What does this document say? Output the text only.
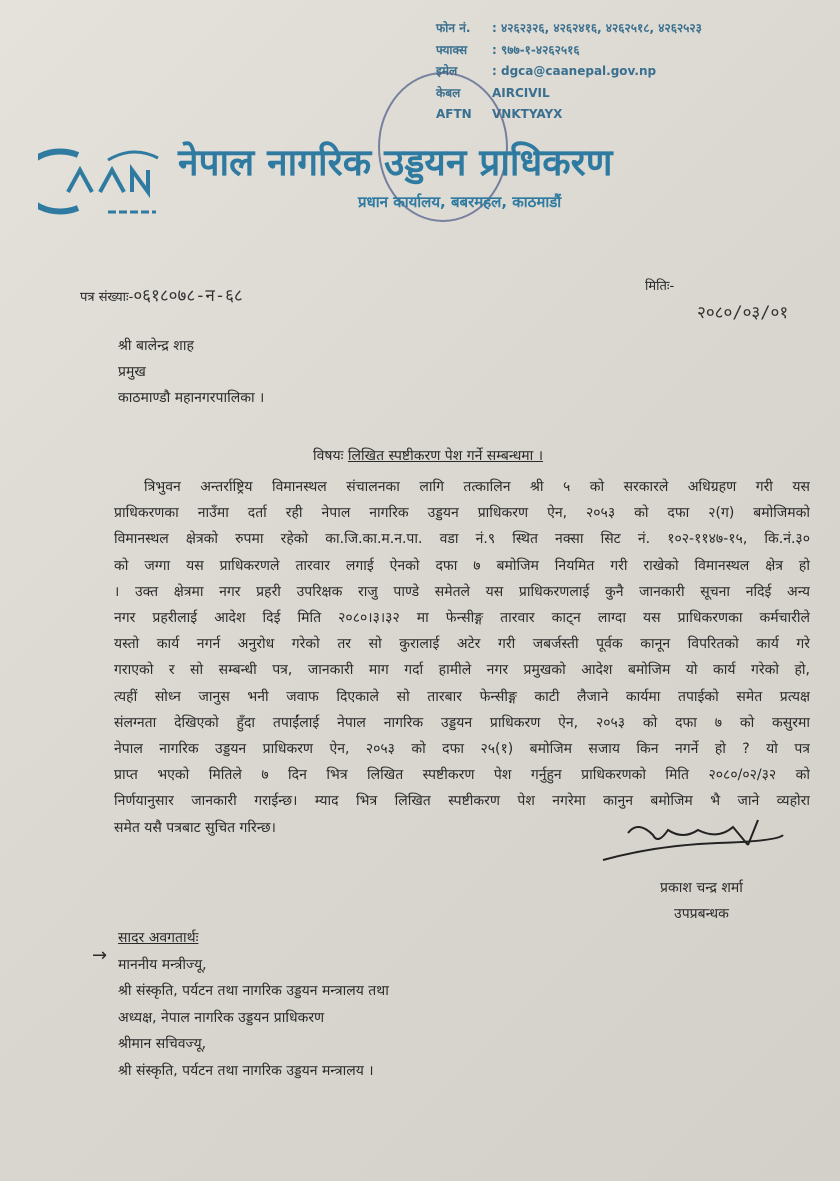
फोन नं. : ४२६२३२६, ४२६२४१६, ४२६२५१८, ४२६२५२३
फ्याक्स : ९७७-१-४२६२५१६
इमेल	: dgca@caanepal.gov.np
केबल	AIRCIVIL
AFTN VNKTYAYX
नेपाल नागरिक उड्डयन प्राधिकरण
प्रधान कार्यालय, बबरमहल, काठमाडौं
पत्र संख्याः-०६१८०७८-न-६८	मितिः-
२०८०/०३/०१
श्री बालेन्द्र शाह
प्रमुख
काठमाण्डौ महानगरपालिका ।
विषयः लिखित स्पष्टीकरण पेश गर्ने सम्बन्धमा ।
त्रिभुवन अन्तर्राष्ट्रिय विमानस्थल संचालनका लागि तत्कालिन श्री ५ को सरकारले अधिग्रहण गरी यस
प्राधिकरणका नाउँमा दर्ता रही नेपाल नागरिक उड्डयन प्राधिकरण ऐन, २०५३ को दफा २(ग) बमोजिमको
विमानस्थल क्षेत्रको रुपमा रहेको का.जि.का.म.न.पा. वडा नं.९ स्थित नक्सा सिट नं. १०२-११४७-१५, कि.नं.३०
को जग्गा यस प्राधिकरणले तारवार लगाई ऐनको दफा ७ बमोजिम नियमित गरी राखेको विमानस्थल क्षेत्र हो
। उक्त क्षेत्रमा नगर प्रहरी उपरिक्षक राजु पाण्डे समेतले यस प्राधिकरणलाई कुनै जानकारी सूचना नदिई अन्य
नगर प्रहरीलाई आदेश दिई मिति २०८०।३।३२ मा फेन्सीङ्ग तारवार काट्न लाग्दा यस प्राधिकरणका कर्मचारीले
यस्तो कार्य नगर्न अनुरोध गरेको तर सो कुरालाई अटेर गरी जबर्जस्ती पूर्वक कानून विपरितको कार्य गरे
गराएको र सो सम्बन्धी पत्र, जानकारी माग गर्दा हामीले नगर प्रमुखको आदेश बमोजिम यो कार्य गरेको हो,
त्यहीं सोध्न जानुस भनी जवाफ दिएकाले सो तारबार फेन्सीङ्ग काटी लैजाने कार्यमा तपाईको समेत प्रत्यक्ष
संलग्नता देखिएको हुँदा तपाईंलाई नेपाल नागरिक उड्डयन प्राधिकरण ऐन, २०५३ को दफा ७ को कसुरमा
नेपाल नागरिक उड्डयन प्राधिकरण ऐन, २०५३ को दफा २५(१) बमोजिम सजाय किन नगर्ने हो ? यो पत्र
प्राप्त भएको मितिले ७ दिन भित्र लिखित स्पष्टीकरण पेश गर्नुहुन प्राधिकरणको मिति २०८०/०२/३२ को
निर्णयानुसार जानकारी गराईन्छ। म्याद भित्र लिखित स्पष्टीकरण पेश नगरेमा कानुन बमोजिम भै जाने व्यहोरा
समेत यसै पत्रबाट सुचित गरिन्छ।
प्रकाश चन्द्र शर्मा
उपप्रबन्धक
→
सादर अवगतार्थः
माननीय मन्त्रीज्यू,
श्री संस्कृति, पर्यटन तथा नागरिक उड्डयन मन्त्रालय तथा
अध्यक्ष, नेपाल नागरिक उड्डयन प्राधिकरण
श्रीमान सचिवज्यू,
श्री संस्कृति, पर्यटन तथा नागरिक उड्डयन मन्त्रालय ।
